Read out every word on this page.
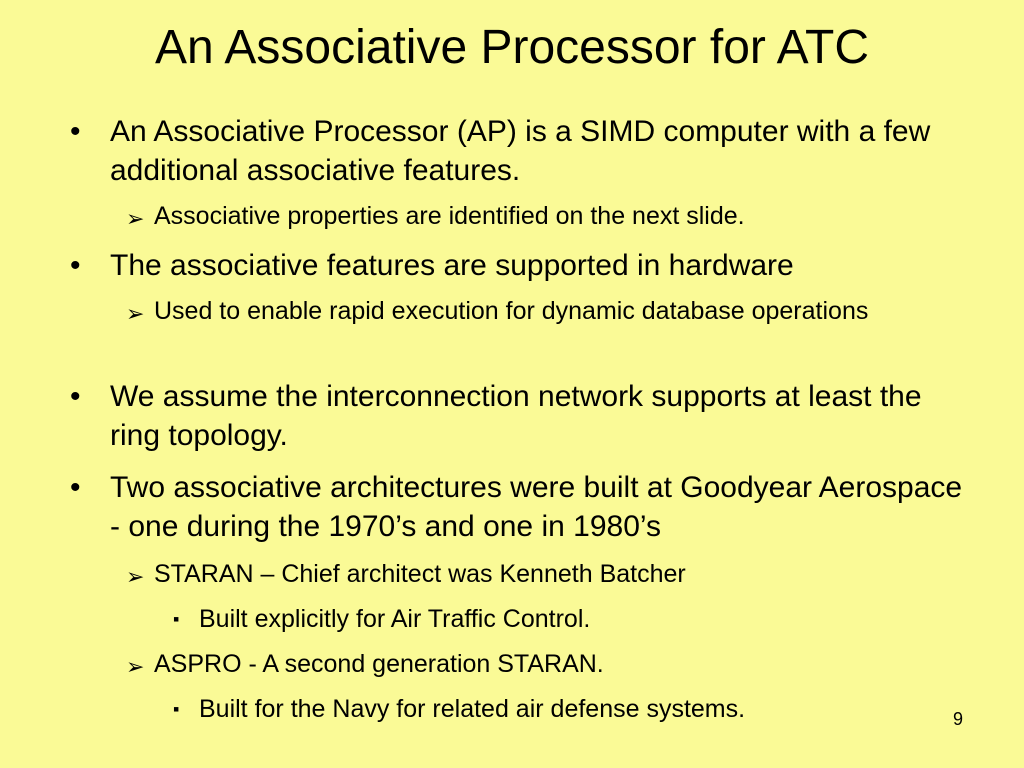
An Associative Processor for ATC
• An Associative Processor (AP) is a SIMD computer with a few additional associative features.
➢ Associative properties are identified on the next slide.
• The associative features are supported in hardware
➢ Used to enable rapid execution for dynamic database operations
• We assume the interconnection network supports at least the ring topology.
• Two associative architectures were built at Goodyear Aerospace - one during the 1970’s and one in 1980’s
➢ STARAN – Chief architect was Kenneth Batcher
▪ Built explicitly for Air Traffic Control.
➢ ASPRO - A second generation STARAN.
▪ Built for the Navy for related air defense systems.	9
